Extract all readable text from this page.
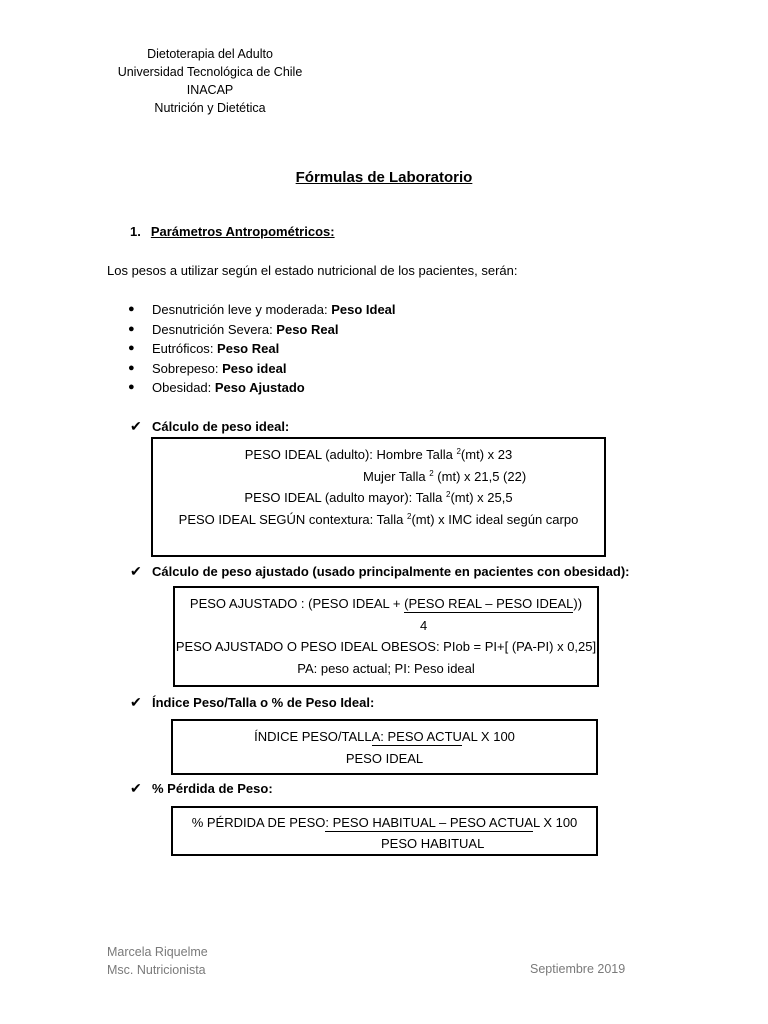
Dietoterapia del Adulto
Universidad Tecnológica de Chile INACAP
Nutrición y Dietética
Fórmulas de Laboratorio
1. Parámetros Antropométricos:
Los pesos a utilizar según el estado nutricional de los pacientes, serán:
● Desnutrición leve y moderada: Peso Ideal
● Desnutrición Severa: Peso Real
● Eutróficos: Peso Real
● Sobrepeso: Peso ideal
● Obesidad: Peso Ajustado
✔ Cálculo de peso ideal:
PESO IDEAL (adulto): Hombre Talla $^2$(mt) x 23
Mujer Talla $^2$ (mt) x 21,5 (22)
PESO IDEAL (adulto mayor): Talla $^2$(mt) x 25,5
PESO IDEAL SEGÚN contextura: Talla $^2$(mt) x IMC ideal según carpo
✔ Cálculo de peso ajustado (usado principalmente en pacientes con obesidad):
PESO AJUSTADO : (PESO IDEAL + (PESO REAL – PESO IDEAL))
4
PESO AJUSTADO O PESO IDEAL OBESOS: PIob = PI+[ (PA-PI) x 0,25]
PA: peso actual; PI: Peso ideal
✔ Índice Peso/Talla o % de Peso Ideal:
ÍNDICE PESO/TALLA: PESO ACTUAL X 100
PESO IDEAL
✔ % Pérdida de Peso:
% PÉRDIDA DE PESO: PESO HABITUAL – PESO ACTUAL X 100
PESO HABITUAL
Marcela Riquelme
Msc. Nutricionista	Septiembre 2019
